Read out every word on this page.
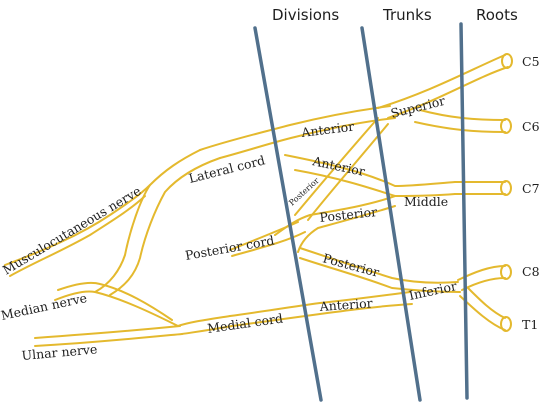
Divisions	Trunks	Roots
C5
C6
C7
C8
T1
Superior
Middle
Inferior
Anterior
Anterior
Posterior
Posterior
Posterior
Anterior
Lateral cord
Posterior cord
Medial cord
Musculocutaneous nerve
Median nerve
Ulnar nerve
